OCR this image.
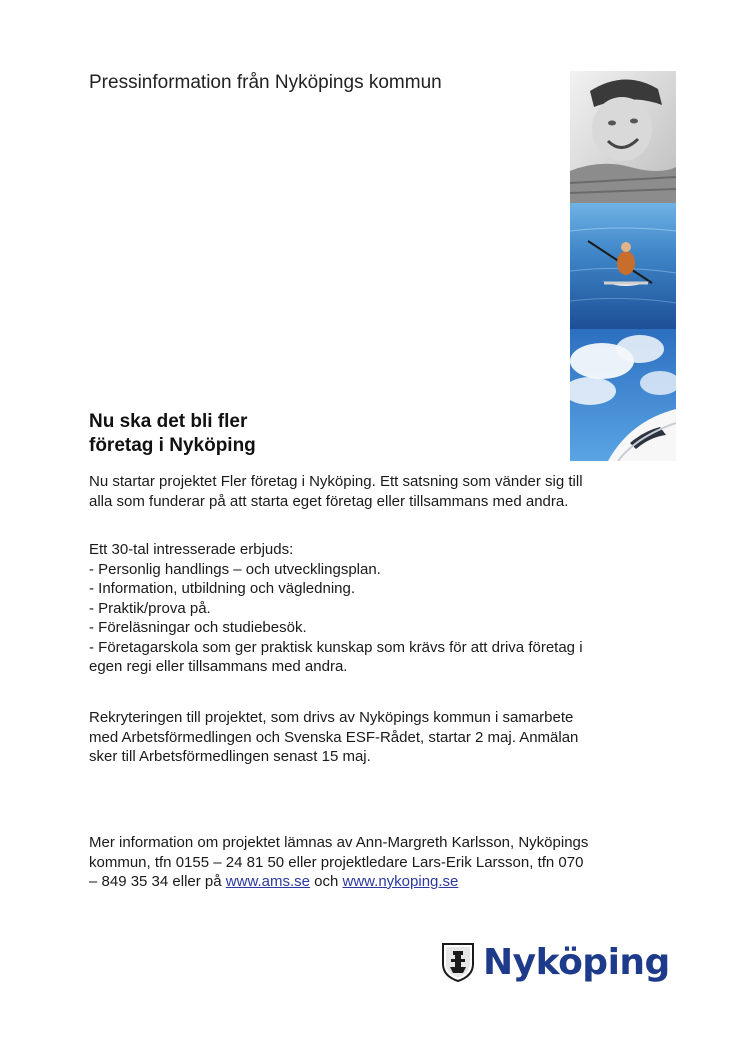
Pressinformation från Nyköpings kommun
Nu ska det bli fler
företag i Nyköping
Nu startar projektet Fler företag i Nyköping. Ett satsning som vänder sig till
alla som funderar på att starta eget företag eller tillsammans med andra.
Ett 30-tal intresserade erbjuds:
- Personlig handlings – och utvecklingsplan.
- Information, utbildning och vägledning.
- Praktik/prova på.
- Föreläsningar och studiebesök.
- Företagarskola som ger praktisk kunskap som krävs för att driva företag i
egen regi eller tillsammans med andra.
Rekryteringen till projektet, som drivs av Nyköpings kommun i samarbete
med Arbetsförmedlingen och Svenska ESF-Rådet, startar 2 maj. Anmälan
sker till Arbetsförmedlingen senast 15 maj.
Mer information om projektet lämnas av Ann-Margreth Karlsson, Nyköpings
kommun, tfn 0155 – 24 81 50 eller projektledare Lars-Erik Larsson, tfn 070
– 849 35 34 eller på www.ams.se och www.nykoping.se
Nyköping
